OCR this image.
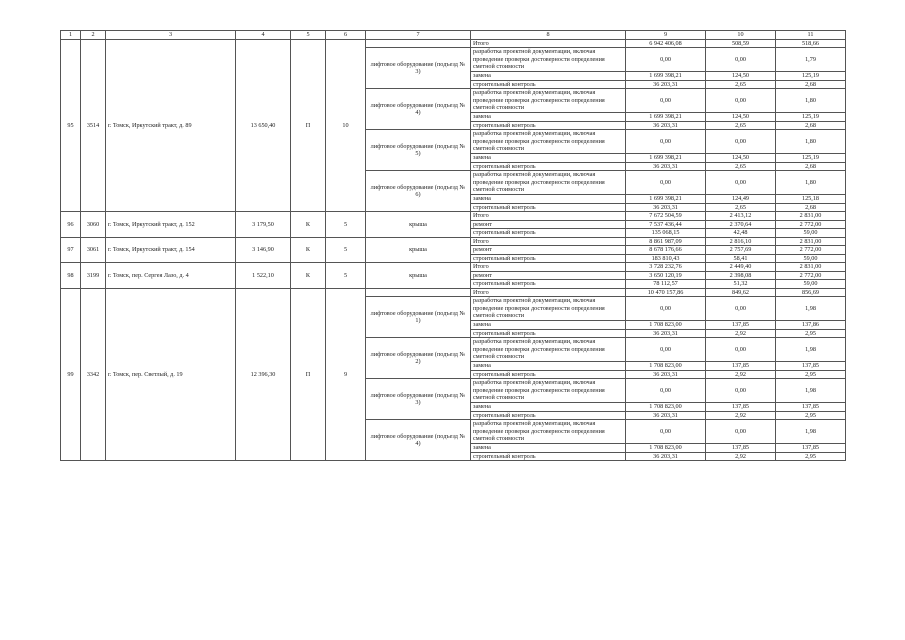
1	2	3	4	5	6	7	8	9	10	11
95	3514	г. Томск, Иркутский тракт, д. 89	13 650,40	П	10		Итого	6 942 406,08	508,59	518,66
						лифтовое оборудование (подъезд № 3)	разработка проектной документации, включая проведение проверки достоверности определения сметной стоимости	0,00	0,00	1,79
							замена	1 699 398,21	124,50	125,19
							строительный контроль	36 203,31	2,65	2,68
						лифтовое оборудование (подъезд № 4)	разработка проектной документации, включая проведение проверки достоверности определения сметной стоимости	0,00	0,00	1,80
							замена	1 699 398,21	124,50	125,19
							строительный контроль	36 203,31	2,65	2,68
						лифтовое оборудование (подъезд № 5)	разработка проектной документации, включая проведение проверки достоверности определения сметной стоимости	0,00	0,00	1,80
							замена	1 699 398,21	124,50	125,19
							строительный контроль	36 203,31	2,65	2,68
						лифтовое оборудование (подъезд № 6)	разработка проектной документации, включая проведение проверки достоверности определения сметной стоимости	0,00	0,00	1,80
							замена	1 699 398,21	124,49	125,18
							строительный контроль	36 203,31	2,65	2,68
96	3060	г. Томск, Иркутский тракт, д. 152	3 179,50	К	5	крыша	Итого	7 672 504,59	2 413,12	2 831,00
							ремонт	7 537 436,44	2 370,64	2 772,00
							строительный контроль	135 068,15	42,48	59,00
97	3061	г. Томск, Иркутский тракт, д. 154	3 146,90	К	5	крыша	Итого	8 861 987,09	2 816,10	2 831,00
							ремонт	8 678 176,66	2 757,69	2 772,00
							строительный контроль	183 810,43	58,41	59,00
98	3199	г. Томск, пер. Сергея Лазо, д. 4	1 522,10	К	5	крыша	Итого	3 728 232,76	2 449,40	2 831,00
							ремонт	3 650 120,19	2 398,08	2 772,00
							строительный контроль	78 112,57	51,32	59,00
99	3342	г. Томск, пер. Светлый, д. 19	12 396,30	П	9		Итого	10 470 157,86	849,62	856,69
						лифтовое оборудование (подъезд № 1)	разработка проектной документации, включая проведение проверки достоверности определения сметной стоимости	0,00	0,00	1,98
							замена	1 708 823,00	137,85	137,86
							строительный контроль	36 203,31	2,92	2,95
						лифтовое оборудование (подъезд № 2)	разработка проектной документации, включая проведение проверки достоверности определения сметной стоимости	0,00	0,00	1,98
							замена	1 708 823,00	137,85	137,85
							строительный контроль	36 203,31	2,92	2,95
						лифтовое оборудование (подъезд № 3)	разработка проектной документации, включая проведение проверки достоверности определения сметной стоимости	0,00	0,00	1,98
							замена	1 708 823,00	137,85	137,85
							строительный контроль	36 203,31	2,92	2,95
						лифтовое оборудование (подъезд № 4)	разработка проектной документации, включая проведение проверки достоверности определения сметной стоимости	0,00	0,00	1,98
							замена	1 708 823,00	137,85	137,85
							строительный контроль	36 203,31	2,92	2,95
